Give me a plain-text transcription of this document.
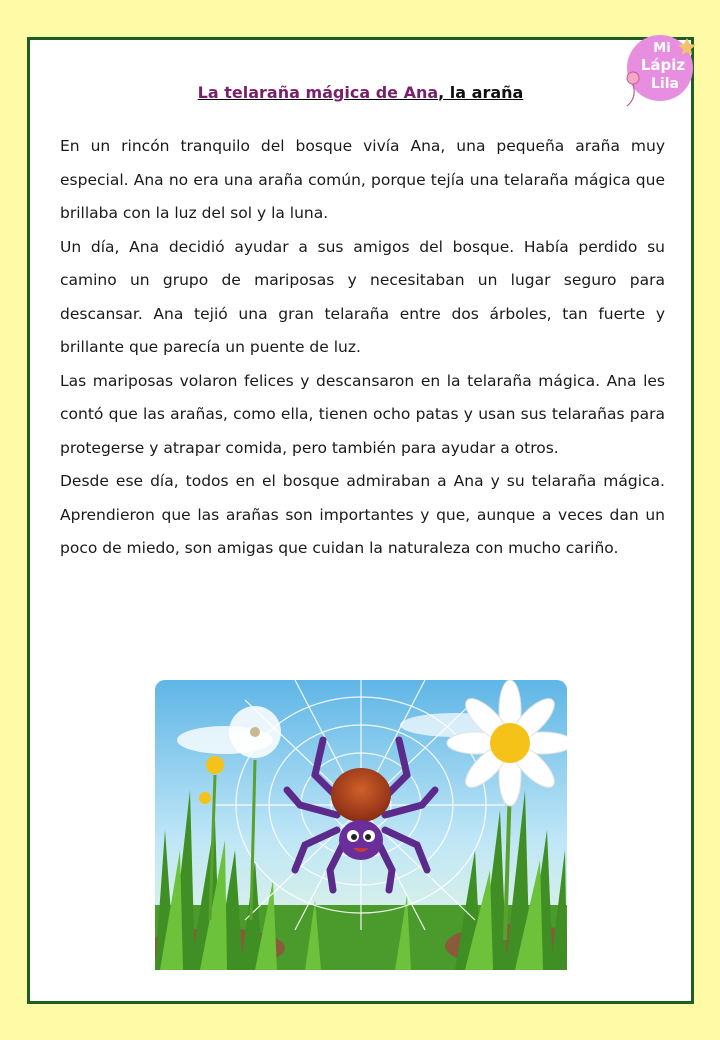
La telaraña mágica de Ana, la araña
Mi
Lápiz
Lila

En un rincón tranquilo del bosque vivía Ana, una pequeña araña muy especial. Ana no era una araña común, porque tejía una telaraña mágica que brillaba con la luz del sol y la luna.

Un día, Ana decidió ayudar a sus amigos del bosque. Había perdido su camino un grupo de mariposas y necesitaban un lugar seguro para descansar. Ana tejió una gran telaraña entre dos árboles, tan fuerte y brillante que parecía un puente de luz.

Las mariposas volaron felices y descansaron en la telaraña mágica. Ana les contó que las arañas, como ella, tienen ocho patas y usan sus telarañas para protegerse y atrapar comida, pero también para ayudar a otros.

Desde ese día, todos en el bosque admiraban a Ana y su telaraña mágica. Aprendieron que las arañas son importantes y que, aunque a veces dan un poco de miedo, son amigas que cuidan la naturaleza con mucho cariño.
